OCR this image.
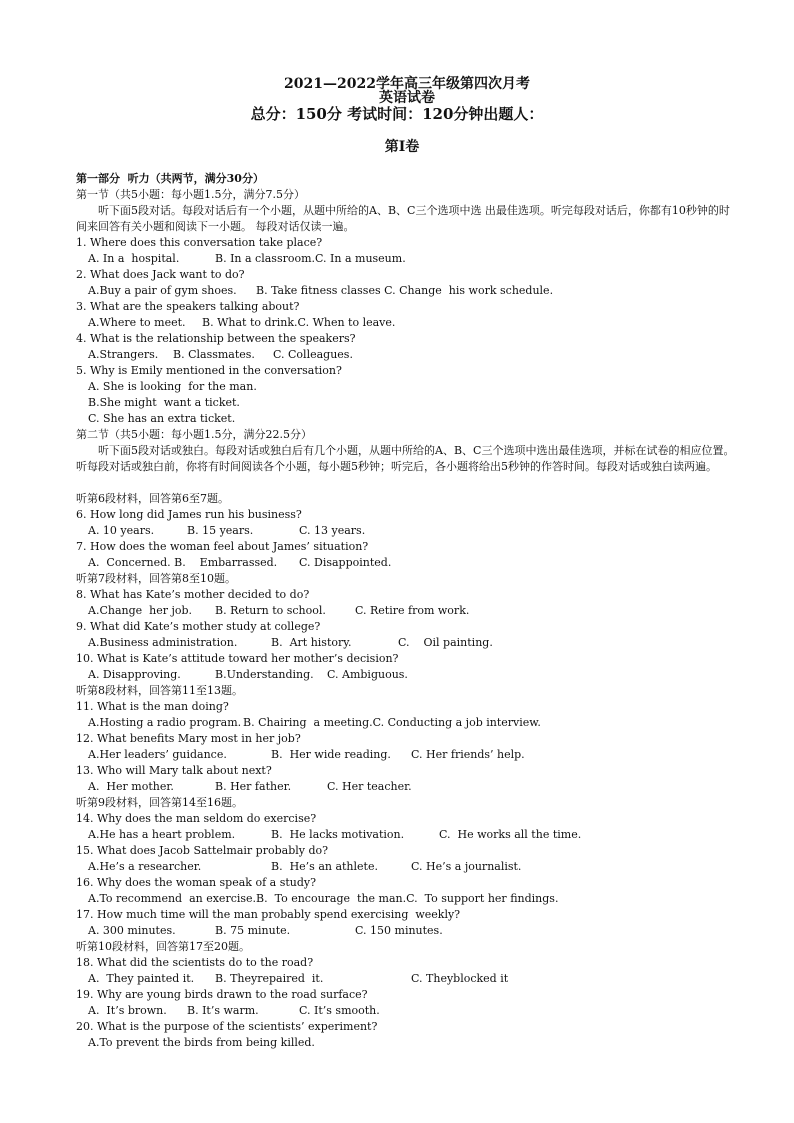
2021—2022学年高三年级第四次月考
英语试卷
总分：150分 考试时间：120分钟出题人：
第Ⅰ卷
第一部分  听力（共两节，满分30分）
第一节（共5小题：每小题1.5分，满分7.5分）
听下面5段对话。每段对话后有一个小题，从题中所给的A、B、C三个选项中选 出最佳选项。听完每段对话后，你都有10秒钟的时间来回答有关小题和阅读下一小题。 每段对话仅读一遍。
1. Where does this conversation take place?
A. In a  hospital.	B. In a classroom.C. In a museum.
2. What does Jack want to do?
A.Buy a pair of gym shoes. B. Take fitness classes C. Change  his work schedule.
3. What are the speakers talking about?
A.Where to meet. B. What to drink.C. When to leave.
4. What is the relationship between the speakers?
A.Strangers. B. Classmates. C. Colleagues.
5. Why is Emily mentioned in the conversation?
A. She is looking  for the man.
B.She might  want a ticket.
C. She has an extra ticket.
第二节（共5小题：每小题1.5分，满分22.5分）
听下面5段对话或独白。每段对话或独白后有几个小题，从题中所给的A、B、C三个选项中选出最佳选项，并标在试卷的相应位置。听每段对话或独白前，你将有时间阅读各个小题，每小题5秒钟；听完后，各小题将给出5秒钟的作答时间。每段对话或独白读两遍。
听第6段材料，回答第6至7题。
6. How long did James run his business?
A. 10 years.	B. 15 years.	C. 13 years.
7. How does the woman feel about James’ situation?
A.  Concerned. B.    Embarrassed. C. Disappointed.
听第7段材料，回答第8至10题。
8. What has Kate’s mother decided to do?
A.Change  her job. B. Return to school.	C. Retire from work.
9. What did Kate’s mother study at college?
A.Business administration.	B.  Art history.	C.    Oil painting.
10. What is Kate’s attitude toward her mother’s decision?
A. Disapproving.	B.Understanding. C. Ambiguous.
听第8段材料，回答第11至13题。
11. What is the man doing?
A.Hosting a radio program. B. Chairing  a meeting.C. Conducting a job interview.
12. What benefits Mary most in her job?
A.Her leaders’ guidance.	B.  Her wide reading. C. Her friends’ help.
13. Who will Mary talk about next?
A.  Her mother.	B. Her father.	C. Her teacher.
听第9段材料，回答第14至16题。
14. Why does the man seldom do exercise?
A.He has a heart problem.	B.  He lacks motivation.	C.  He works all the time.
15. What does Jacob Sattelmair probably do?
A.He’s a researcher.	B.  He’s an athlete.	C. He’s a journalist.
16. Why does the woman speak of a study?
A.To recommend  an exercise.B.  To encourage  the man.C.  To support her findings.
17. How much time will the man probably spend exercising  weekly?
A. 300 minutes.	B. 75 minute.	C. 150 minutes.
听第10段材料，回答第17至20题。
18. What did the scientists do to the road?
A.  They painted it. B. Theyrepaired  it.	C. Theyblocked it
19. Why are young birds drawn to the road surface?
A.  It’s brown. B. It’s warm.	C. It’s smooth.
20. What is the purpose of the scientists’ experiment?
A.To prevent the birds from being killed.
